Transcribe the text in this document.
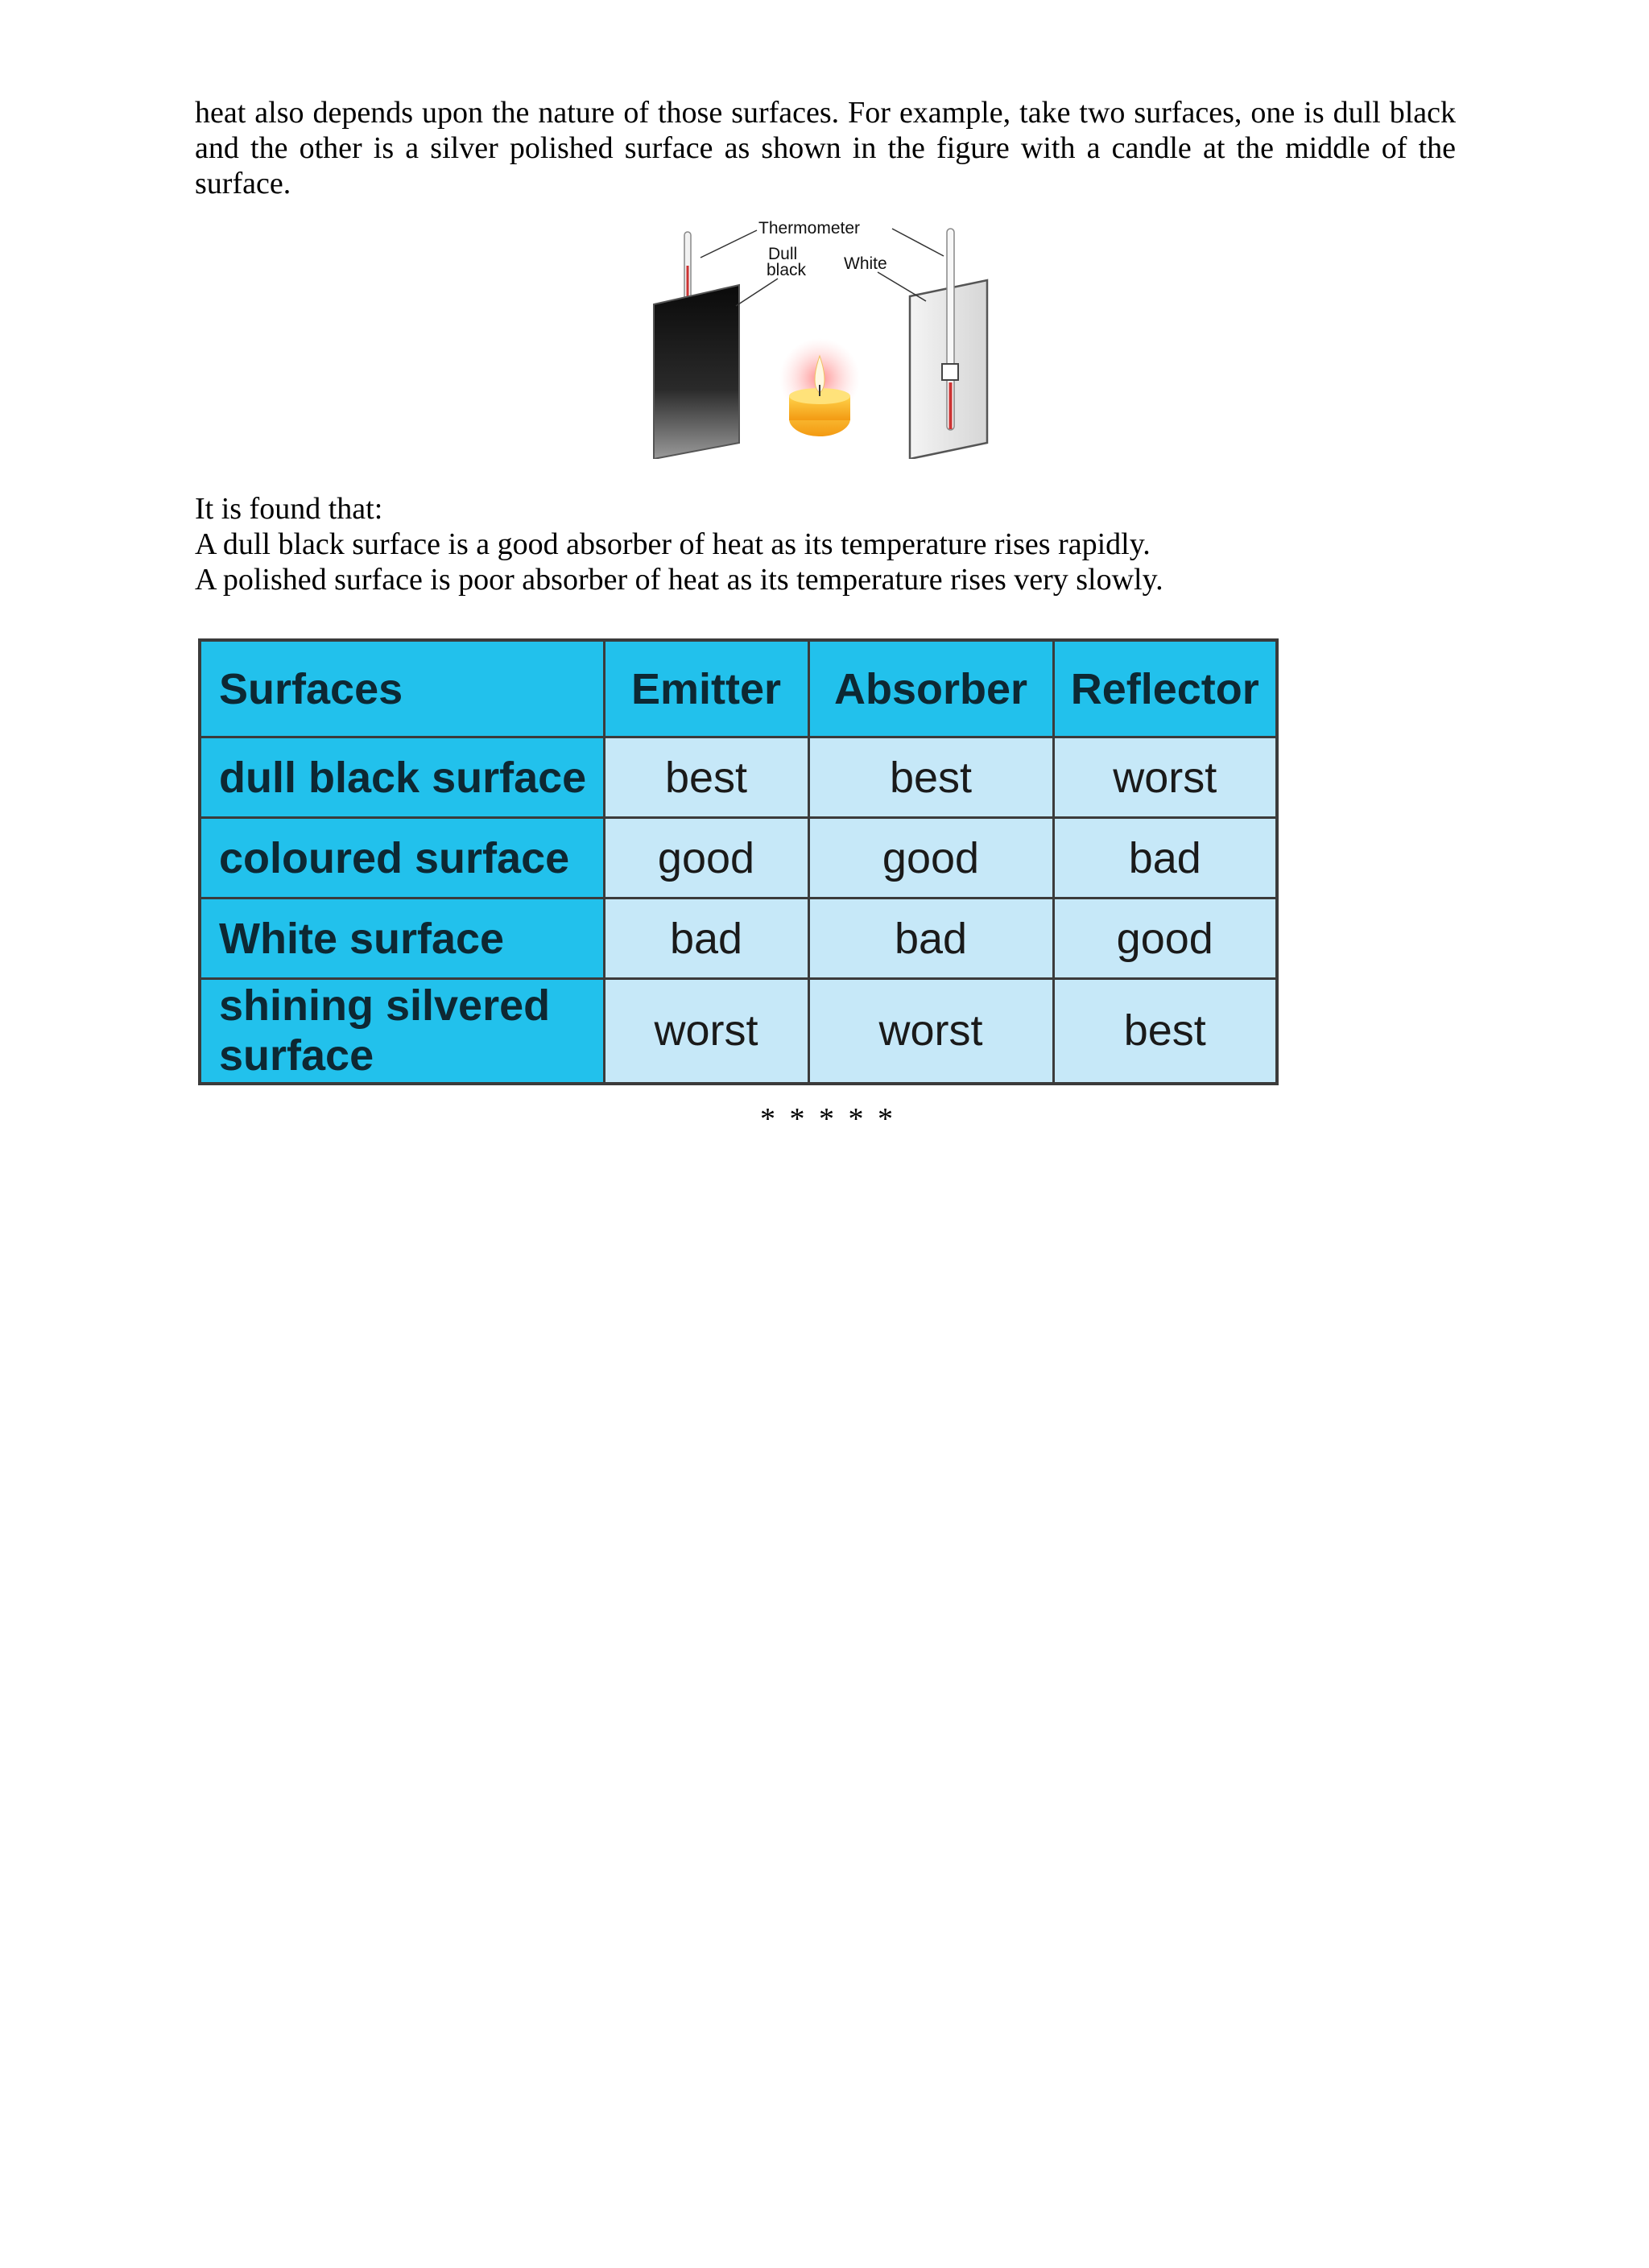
heat also depends upon the nature of those surfaces. For example, take two surfaces, one is dull black and the other is a silver polished surface as shown in the figure with a candle at the middle of the surface.

Thermometer
Dull
black White
It is found that:
A dull black surface is a good absorber of heat as its temperature rises rapidly.
A polished surface is poor absorber of heat as its temperature rises very slowly.
Surfaces	Emitter	Absorber	Reflector
dull black surface	best	best	worst
coloured surface	good	good	bad
White surface	bad	bad	good
shining silvered surface	worst	worst	best
* * * * *
